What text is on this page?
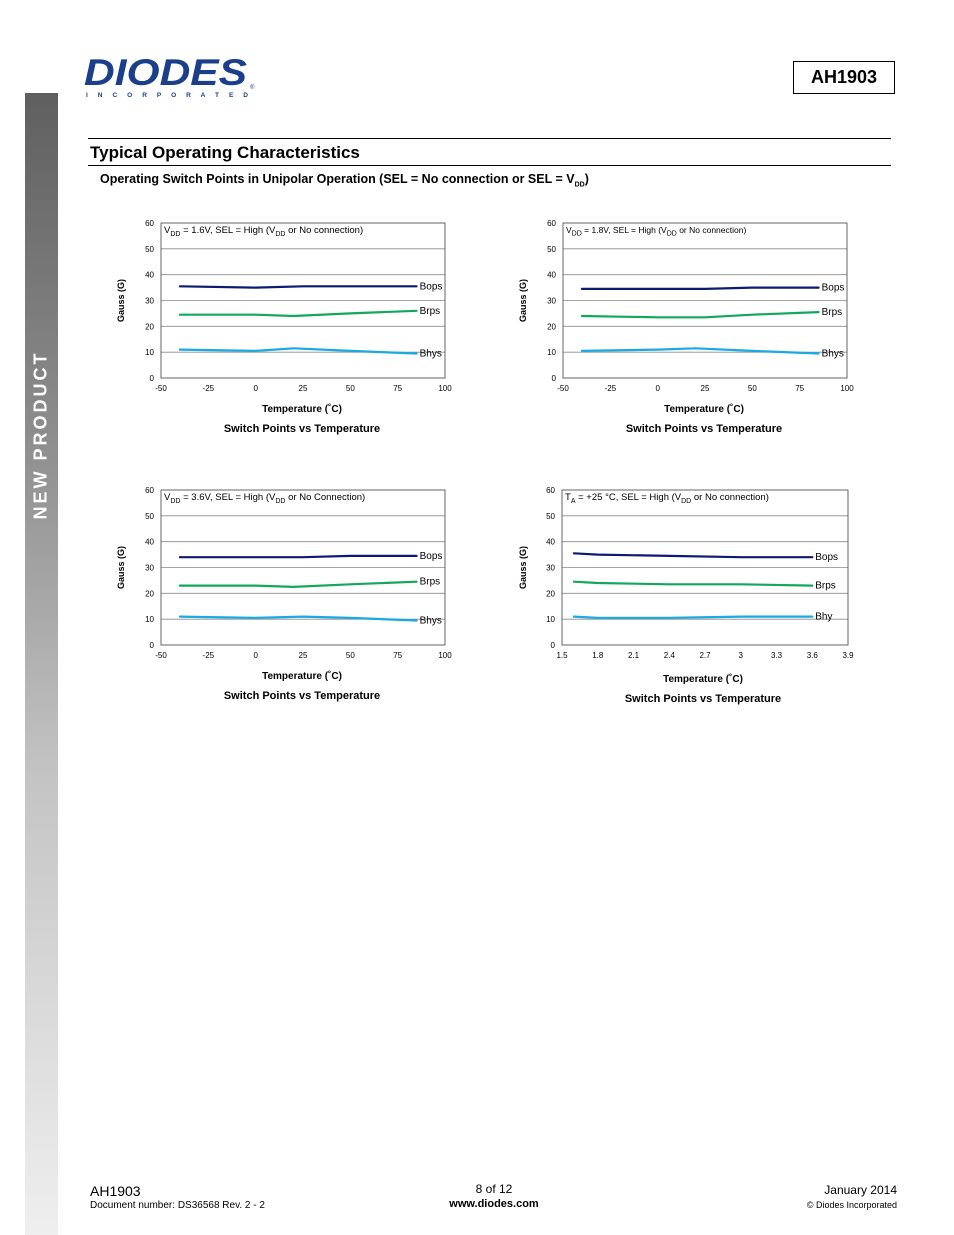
NEW PRODUCT
DIODES ®
I N C O R P O R A T E D
AH1903
Typical Operating Characteristics
Operating Switch Points in Unipolar Operation (SEL = No connection or SEL = $V_{DD}$)
0
10
20
30
40
50
60
-50	-25	0	25	50	75	100
Gauss (G)	Bops
Brps
Bhys
$V_{DD} = 1.6V$, SEL = High ($V_{DD}$ or No connection)
Temperature (˚C)
Switch Points vs Temperature
0
10
20
30
40
50
60
-50	-25	0	25	50	75	100
Gauss (G)	Bops
Brps
Bhys
$V_{DD} = 1.8V$, SEL = High ($V_{DD}$ or No connection)
Temperature (˚C)
Switch Points vs Temperature
0
10
20
30
40
50
60
-50	-25	0	25	50	75	100
Gauss (G)	Bops
Brps
Bhys
$V_{DD} = 3.6V$, SEL = High ($V_{DD}$ or No Connection)
Temperature (˚C)
Switch Points vs Temperature
0
10
20
30
40
50
60
1.5	1.8	2.1	2.4	2.7	3	3.3	3.6	3.9
Gauss (G)	Bops
Brps
Bhy
$T_A = +25$ °C, SEL = High ($V_{DD}$ or No connection)
Temperature (˚C)
Switch Points vs Temperature
AH1903
Document number: DS36568 Rev. 2 - 2
8 of 12
www.diodes.com
January 2014
© Diodes Incorporated
